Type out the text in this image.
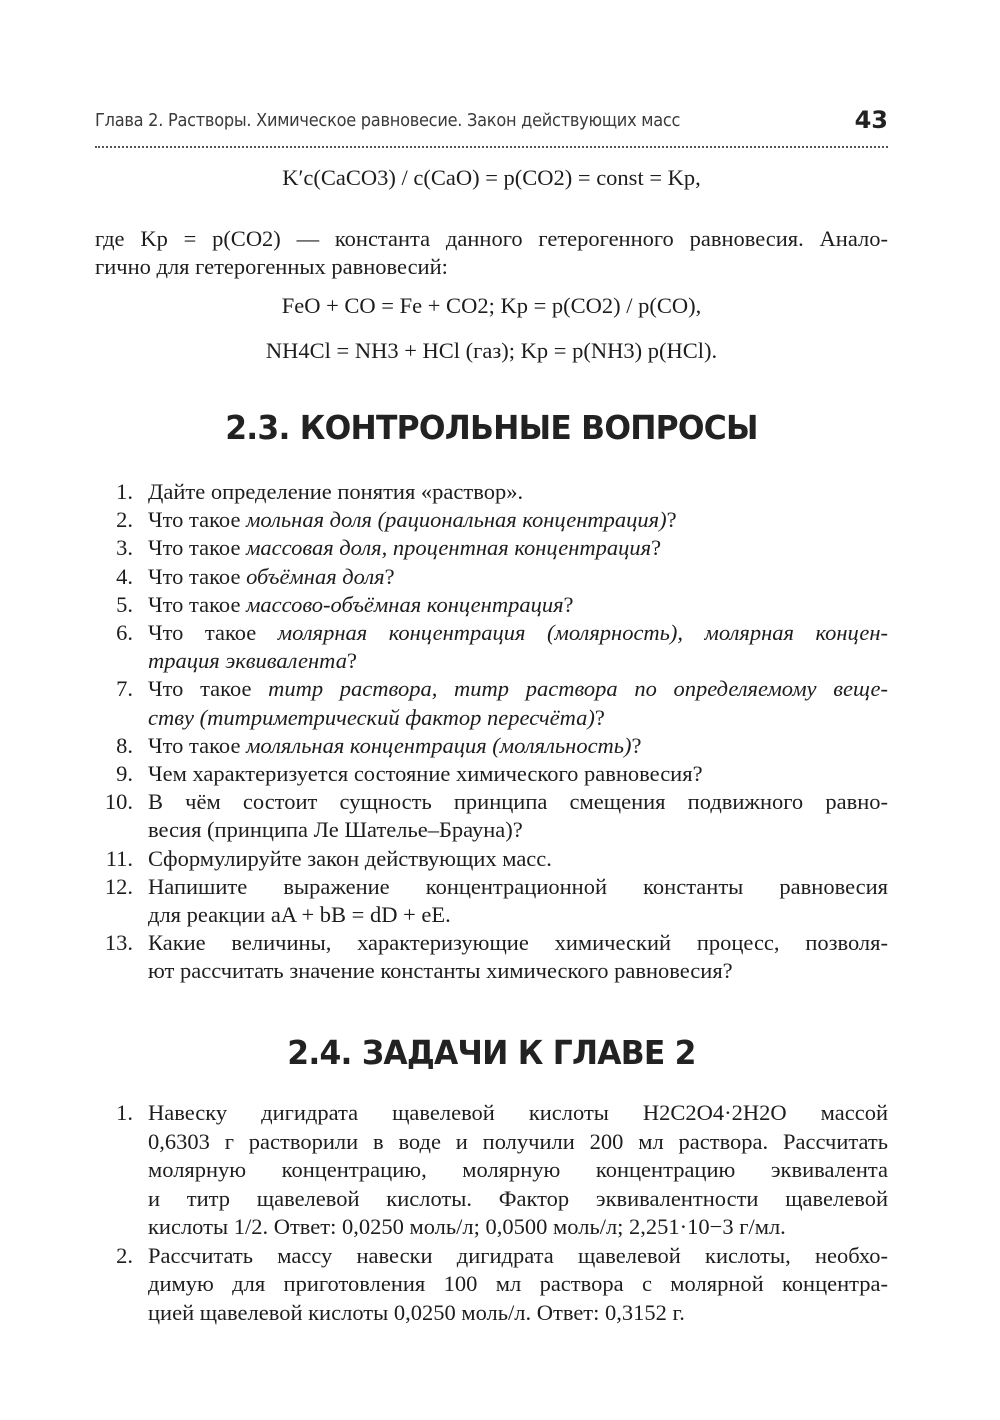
Глава 2. Растворы. Химическое равновесие. Закон действующих масс	43
K′c(CaCO3) / c(CaO) = p(CO2) = const = Kp,
где Kp = p(CO2) — константа данного гетерогенного равновесия. Анало-
гично для гетерогенных равновесий:
FeO + CO = Fe + CO2; Kp = p(CO2) / p(CO),
NH4Cl = NH3 + HCl (газ); Kp = p(NH3) p(HCl).
2.3. КОНТРОЛЬНЫЕ ВОПРОСЫ
1. Дайте определение понятия «раствор».
2. Что такое мольная доля (рациональная концентрация)?
3. Что такое массовая доля, процентная концентрация?
4. Что такое объёмная доля?
5. Что такое массово-объёмная концентрация?
6. Что такое молярная концентрация (молярность), молярная концен-
трация эквивалента?
7. Что такое титр раствора, титр раствора по определяемому веще-
ству (титриметрический фактор пересчёта)?
8. Что такое моляльная концентрация (моляльность)?
9. Чем характеризуется состояние химического равновесия?
10. В чём состоит сущность принципа смещения подвижного равно-
весия (принципа Ле Шателье–Брауна)?
11. Сформулируйте закон действующих масс.
12. Напишите выражение концентрационной константы равновесия
для реакции aA + bB = dD + eE.
13. Какие величины, характеризующие химический процесс, позволя-
ют рассчитать значение константы химического равновесия?
2.4. ЗАДАЧИ К ГЛАВЕ 2
1. Навеску дигидрата щавелевой кислоты H2C2O4·2H2O массой
0,6303 г растворили в воде и получили 200 мл раствора. Рассчитать
молярную концентрацию, молярную концентрацию эквивалента
и титр щавелевой кислоты. Фактор эквивалентности щавелевой
кислоты 1/2. Ответ: 0,0250 моль/л; 0,0500 моль/л; 2,251·10−3 г/мл.
2. Рассчитать массу навески дигидрата щавелевой кислоты, необхо-
димую для приготовления 100 мл раствора с молярной концентра-
цией щавелевой кислоты 0,0250 моль/л. Ответ: 0,3152 г.
